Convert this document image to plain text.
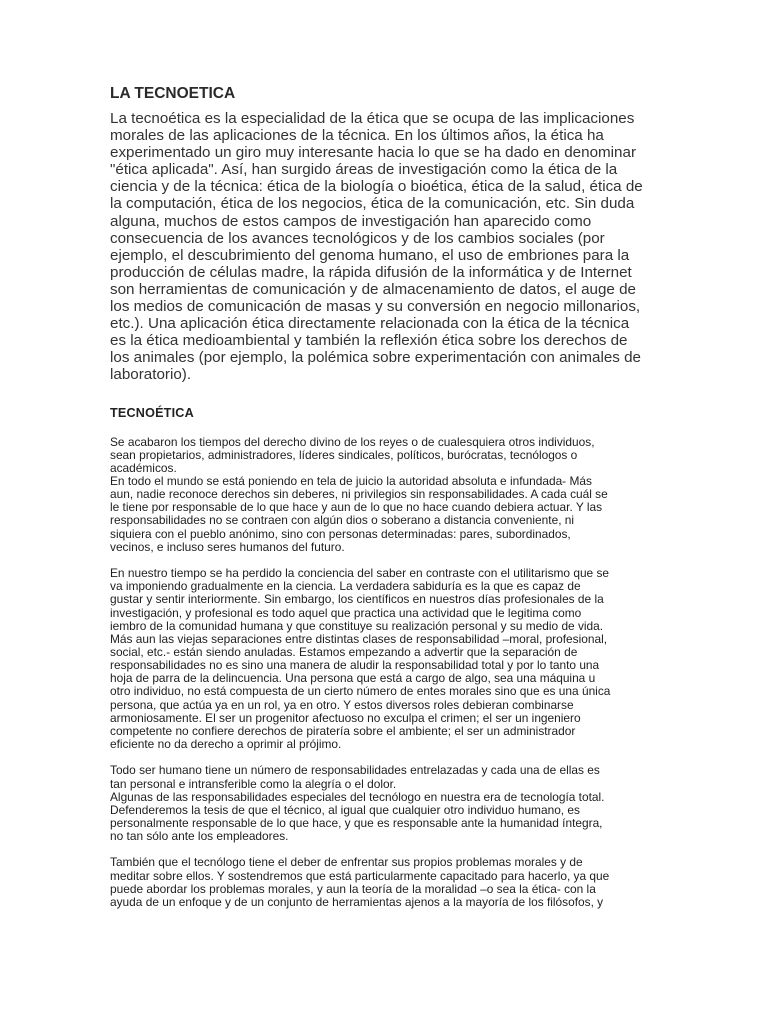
LA TECNOETICA

La tecnoética es la especialidad de la ética que se ocupa de las implicaciones
morales de las aplicaciones de la técnica. En los últimos años, la ética ha
experimentado un giro muy interesante hacia lo que se ha dado en denominar
"ética aplicada". Así, han surgido áreas de investigación como la ética de la
ciencia y de la técnica: ética de la biología o bioética, ética de la salud, ética de
la computación, ética de los negocios, ética de la comunicación, etc. Sin duda
alguna, muchos de estos campos de investigación han aparecido como
consecuencia de los avances tecnológicos y de los cambios sociales (por
ejemplo, el descubrimiento del genoma humano, el uso de embriones para la
producción de células madre, la rápida difusión de la informática y de Internet
son herramientas de comunicación y de almacenamiento de datos, el auge de
los medios de comunicación de masas y su conversión en negocio millonarios,
etc.). Una aplicación ética directamente relacionada con la ética de la técnica
es la ética medioambiental y también la reflexión ética sobre los derechos de
los animales (por ejemplo, la polémica sobre experimentación con animales de
laboratorio).

TECNOÉTICA

Se acabaron los tiempos del derecho divino de los reyes o de cualesquiera otros individuos,
sean propietarios, administradores, líderes sindicales, políticos, burócratas, tecnólogos o
académicos.
En todo el mundo se está poniendo en tela de juicio la autoridad absoluta e infundada- Más
aun, nadie reconoce derechos sin deberes, ni privilegios sin responsabilidades. A cada cuál se
le tiene por responsable de lo que hace y aun de lo que no hace cuando debiera actuar. Y las
responsabilidades no se contraen con algún dios o soberano a distancia conveniente, ni
siquiera con el pueblo anónimo, sino con personas determinadas: pares, subordinados,
vecinos, e incluso seres humanos del futuro.

En nuestro tiempo se ha perdido la conciencia del saber en contraste con el utilitarismo que se
va imponiendo gradualmente en la ciencia. La verdadera sabiduría es la que es capaz de
gustar y sentir interiormente. Sin embargo, los científicos en nuestros días profesionales de la
investigación, y profesional es todo aquel que practica una actividad que le legitima como
iembro de la comunidad humana y que constituye su realización personal y su medio de vida.
Más aun las viejas separaciones entre distintas clases de responsabilidad –moral, profesional,
social, etc.- están siendo anuladas. Estamos empezando a advertir que la separación de
responsabilidades no es sino una manera de aludir la responsabilidad total y por lo tanto una
hoja de parra de la delincuencia. Una persona que está a cargo de algo, sea una máquina u
otro individuo, no está compuesta de un cierto número de entes morales sino que es una única
persona, que actúa ya en un rol, ya en otro. Y estos diversos roles debieran combinarse
armoniosamente. El ser un progenitor afectuoso no exculpa el crimen; el ser un ingeniero
competente no confiere derechos de piratería sobre el ambiente; el ser un administrador
eficiente no da derecho a oprimir al prójimo.

Todo ser humano tiene un número de responsabilidades entrelazadas y cada una de ellas es
tan personal e intransferible como la alegría o el dolor.
Algunas de las responsabilidades especiales del tecnólogo en nuestra era de tecnología total.
Defenderemos la tesis de que el técnico, al igual que cualquier otro individuo humano, es
personalmente responsable de lo que hace, y que es responsable ante la humanidad íntegra,
no tan sólo ante los empleadores.

También que el tecnólogo tiene el deber de enfrentar sus propios problemas morales y de
meditar sobre ellos. Y sostendremos que está particularmente capacitado para hacerlo, ya que
puede abordar los problemas morales, y aun la teoría de la moralidad –o sea la ética- con la
ayuda de un enfoque y de un conjunto de herramientas ajenos a la mayoría de los filósofos, y
